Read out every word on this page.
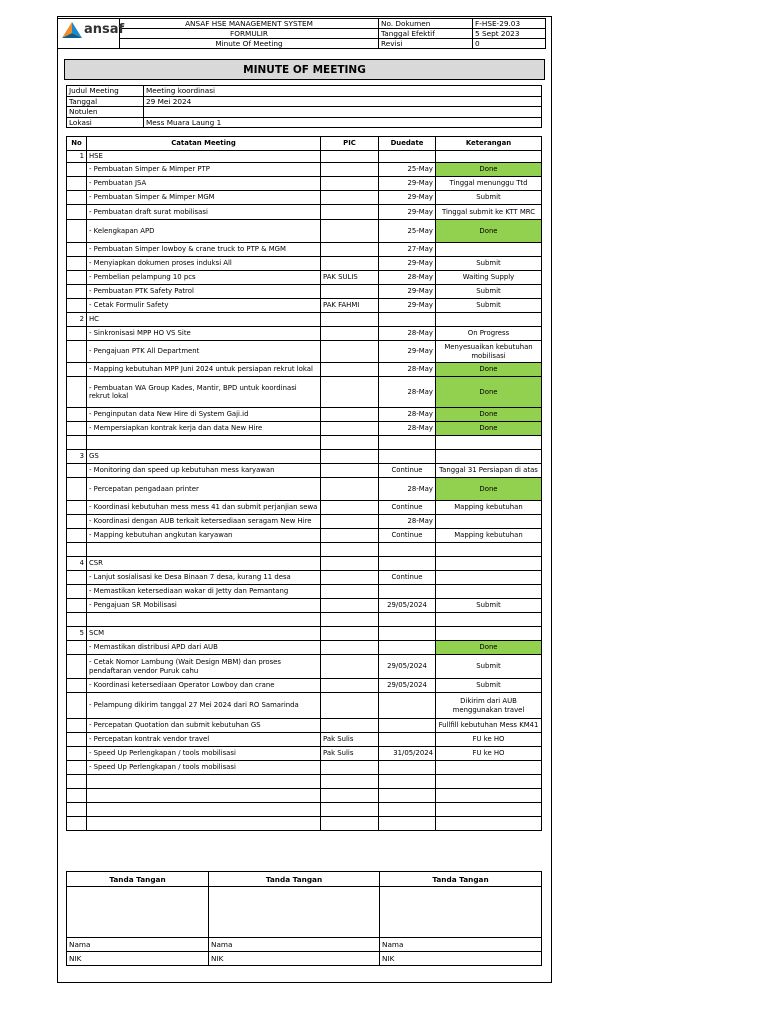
ansaf	ANSAF HSE MANAGEMENT SYSTEM	No. Dokumen	F-HSE-29.03
	FORMULIR	Tanggal Efektif	5 Sept 2023
	Minute Of Meeting	Revisi	0
MINUTE OF MEETING
Judul Meeting	Meeting koordinasi
Tanggal	29 Mei 2024
Notulen	
Lokasi	Mess Muara Laung 1
No	Catatan Meeting	PIC	Duedate	Keterangan
1	HSE			
	- Pembuatan Simper & Mimper PTP		25-May	Done
	- Pembuatan JSA		29-May	Tinggal menunggu Ttd
	- Pembuatan Simper & Mimper MGM		29-May	Submit
	- Pembuatan draft surat mobilisasi		29-May	Tinggal submit ke KTT MRC
	- Kelengkapan APD		25-May	Done
	- Pembuatan Simper lowboy & crane truck to PTP & MGM		27-May	
	- Menyiapkan dokumen proses induksi All		29-May	Submit
	- Pembelian pelampung 10 pcs	PAK SULIS	28-May	Waiting Supply
	- Pembuatan PTK Safety Patrol		29-May	Submit
	- Cetak Formulir Safety	PAK FAHMI	29-May	Submit
2	HC			
	- Sinkronisasi MPP HO VS Site		28-May	On Progress
	- Pengajuan PTK All Department		29-May	Menyesuaikan kebutuhan mobilisasi
	- Mapping kebutuhan MPP Juni 2024 untuk persiapan rekrut lokal		28-May	Done
	- Pembuatan WA Group Kades, Mantir, BPD untuk koordinasi rekrut lokal		28-May	Done
	- Penginputan data New Hire di System Gaji.id		28-May	Done
	- Mempersiapkan kontrak kerja dan data New Hire		28-May	Done

3	GS			
	- Monitoring dan speed up kebutuhan mess karyawan		Continue	Tanggal 31 Persiapan di atas
	- Percepatan pengadaan printer		28-May	Done
	- Koordinasi kebutuhan mess mess 41 dan submit perjanjian sewa		Continue	Mapping kebutuhan
	- Koordinasi dengan AUB terkait ketersediaan seragam New Hire		28-May	
	- Mapping kebutuhan angkutan karyawan		Continue	Mapping kebutuhan

4	CSR			
	- Lanjut sosialisasi ke Desa Binaan 7 desa, kurang 11 desa		Continue	
	- Memastikan ketersediaan wakar di Jetty dan Pemantang			
	- Pengajuan SR Mobilisasi		29/05/2024	Submit

5	SCM			
	- Memastikan distribusi APD dari AUB			Done
	- Cetak Nomor Lambung (Wait Design MBM) dan proses pendaftaran vendor Puruk cahu		29/05/2024	Submit
	- Koordinasi ketersediaan Operator Lowboy dan crane		29/05/2024	Submit
	- Pelampung dikirim tanggal 27 Mei 2024 dari RO Samarinda			Dikirim dari AUB menggunakan travel
	- Percepatan Quotation dan submit kebutuhan GS			Fullfill kebutuhan Mess KM41
	- Percepatan kontrak vendor travel	Pak Sulis		FU ke HO
	- Speed Up Perlengkapan / tools mobilisasi	Pak Sulis	31/05/2024	FU ke HO
	- Speed Up Perlengkapan / tools mobilisasi			

Tanda Tangan	Tanda Tangan	Tanda Tangan

Nama	Nama	Nama
NIK	NIK	NIK
